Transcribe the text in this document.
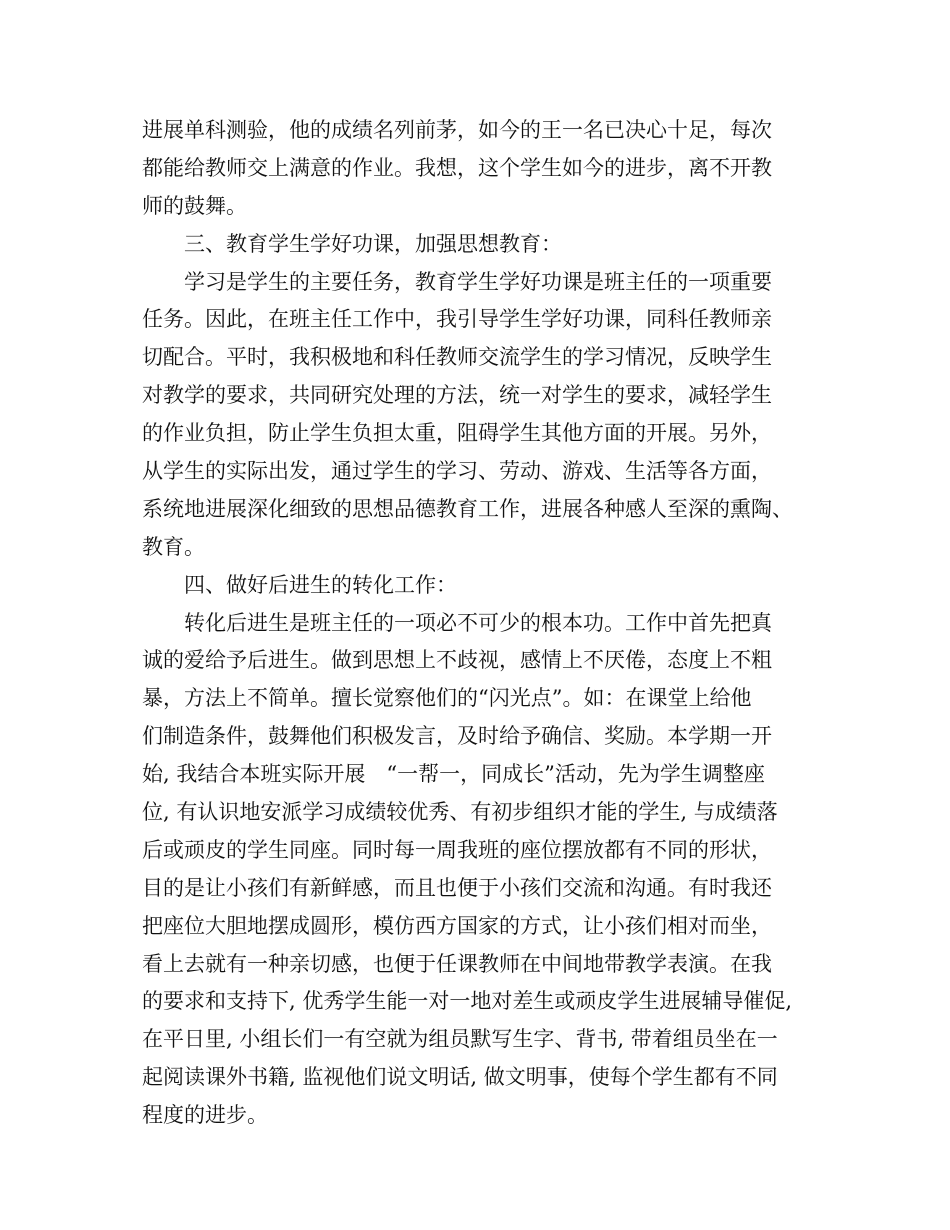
进展单科测验，他的成绩名列前茅，如今的王一名已决心十足，每次
都能给教师交上满意的作业。我想，这个学生如今的进步，离不开教
师的鼓舞。
　　三、教育学生学好功课，加强思想教育：
　　学习是学生的主要任务，教育学生学好功课是班主任的一项重要
任务。因此，在班主任工作中，我引导学生学好功课，同科任教师亲
切配合。平时，我积极地和科任教师交流学生的学习情况，反映学生
对教学的要求，共同研究处理的方法，统一对学生的要求，减轻学生
的作业负担，防止学生负担太重，阻碍学生其他方面的开展。另外，
从学生的实际出发，通过学生的学习、劳动、游戏、生活等各方面，
系统地进展深化细致的思想品德教育工作，进展各种感人至深的熏陶、
教育。
　　四、做好后进生的转化工作：
　　转化后进生是班主任的一项必不可少的根本功。工作中首先把真
诚的爱给予后进生。做到思想上不歧视，感情上不厌倦，态度上不粗
暴，方法上不简单。擅长觉察他们的“闪光点”。如：在课堂上给他
们制造条件，鼓舞他们积极发言，及时给予确信、奖励。本学期一开
始, 我结合本班实际开展　“一帮一，同成长”活动，先为学生调整座
位, 有认识地安派学习成绩较优秀、有初步组织才能的学生, 与成绩落
后或顽皮的学生同座。同时每一周我班的座位摆放都有不同的形状，
目的是让小孩们有新鲜感，而且也便于小孩们交流和沟通。有时我还
把座位大胆地摆成圆形，模仿西方国家的方式，让小孩们相对而坐，
看上去就有一种亲切感，也便于任课教师在中间地带教学表演。在我
的要求和支持下, 优秀学生能一对一地对差生或顽皮学生进展辅导催促,
在平日里, 小组长们一有空就为组员默写生字、背书, 带着组员坐在一
起阅读课外书籍, 监视他们说文明话, 做文明事，使每个学生都有不同
程度的进步。
